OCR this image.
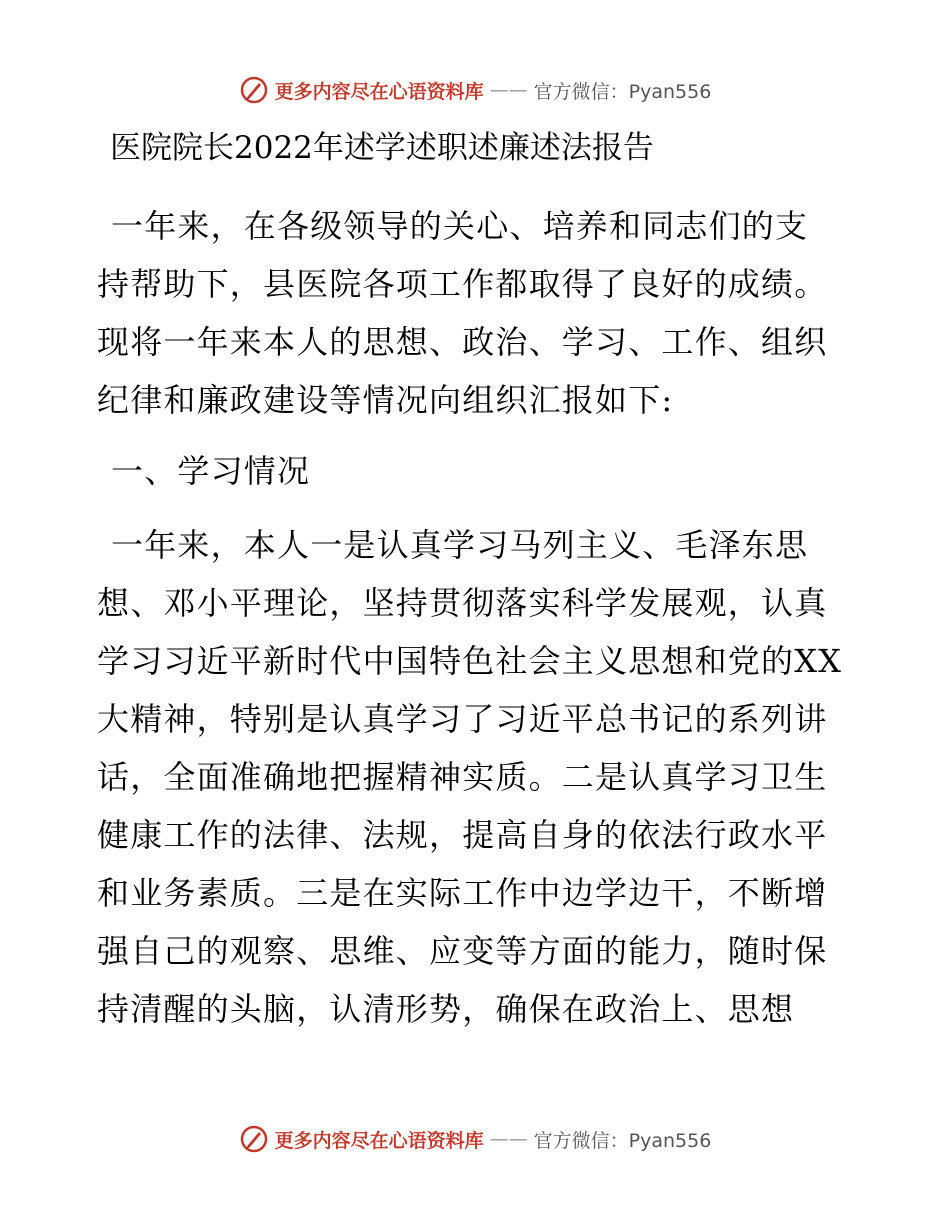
更多内容尽在心语资料库 —— 官方微信：Pyan556
医院院长2022年述学述职述廉述法报告
一年来，在各级领导的关心、培养和同志们的支
持帮助下，县医院各项工作都取得了良好的成绩。
现将一年来本人的思想、政治、学习、工作、组织
纪律和廉政建设等情况向组织汇报如下:
一、学习情况
一年来，本人一是认真学习马列主义、毛泽东思
想、邓小平理论，坚持贯彻落实科学发展观，认真
学习习近平新时代中国特色社会主义思想和党的XX
大精神，特别是认真学习了习近平总书记的系列讲
话，全面准确地把握精神实质。二是认真学习卫生
健康工作的法律、法规，提高自身的依法行政水平
和业务素质。三是在实际工作中边学边干，不断增
强自己的观察、思维、应变等方面的能力，随时保
持清醒的头脑，认清形势，确保在政治上、思想
更多内容尽在心语资料库 —— 官方微信：Pyan556
